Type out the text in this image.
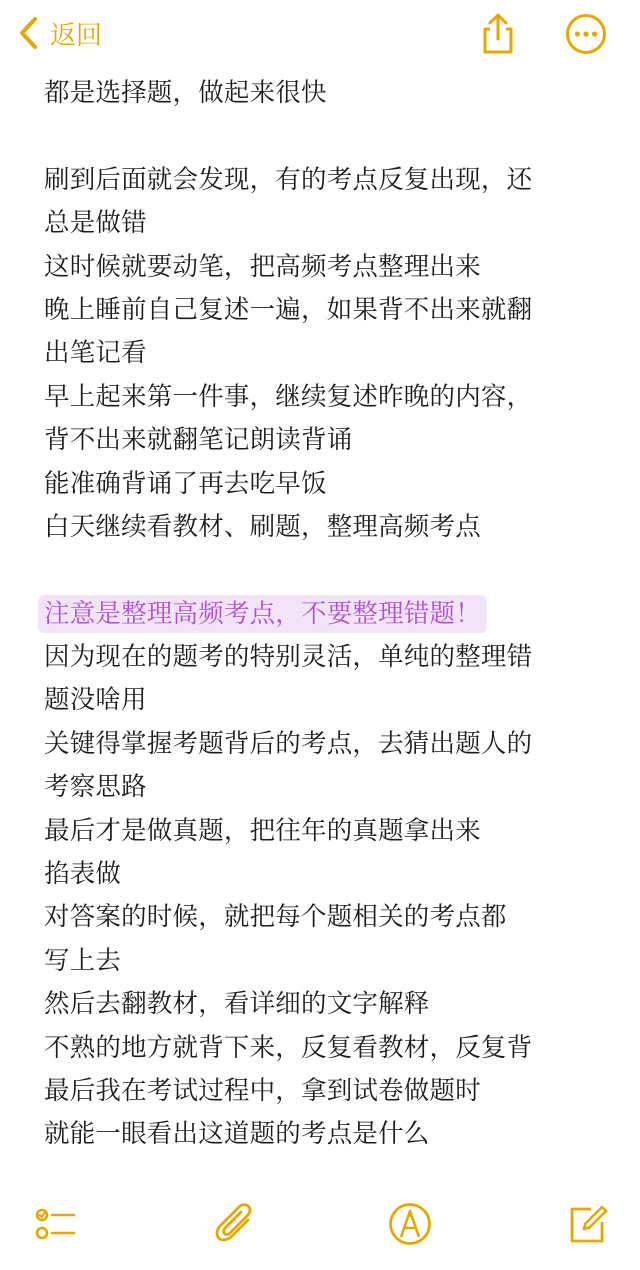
返回
都是选择题，做起来很快
刷到后面就会发现，有的考点反复出现，还
总是做错
这时候就要动笔，把高频考点整理出来
晚上睡前自己复述一遍，如果背不出来就翻
出笔记看
早上起来第一件事，继续复述昨晚的内容，
背不出来就翻笔记朗读背诵
能准确背诵了再去吃早饭
白天继续看教材、刷题，整理高频考点
注意是整理高频考点，不要整理错题！
因为现在的题考的特别灵活，单纯的整理错
题没啥用
关键得掌握考题背后的考点，去猜出题人的
考察思路
最后才是做真题，把往年的真题拿出来
掐表做
对答案的时候，就把每个题相关的考点都
写上去
然后去翻教材，看详细的文字解释
不熟的地方就背下来，反复看教材，反复背
最后我在考试过程中，拿到试卷做题时
就能一眼看出这道题的考点是什么
